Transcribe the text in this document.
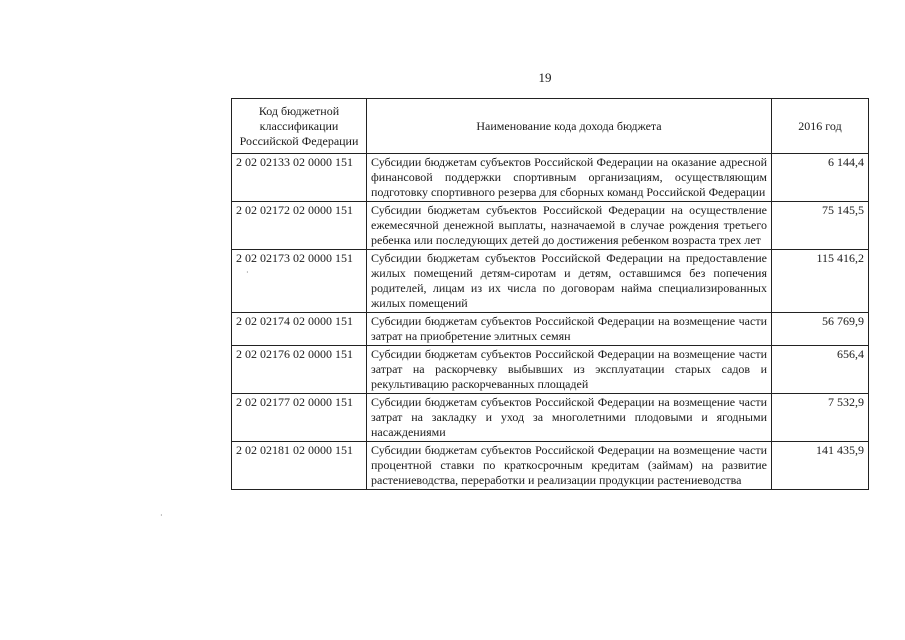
19
Код бюджетной классификации Российской Федерации	Наименование кода дохода бюджета	2016 год
2 02 02133 02 0000 151	Субсидии бюджетам субъектов Российской Федерации на оказание адресной финансовой поддержки спортивным организациям, осуществляющим подготовку спортивного резерва для сборных команд Российской Федерации	6 144,4
2 02 02172 02 0000 151	Субсидии бюджетам субъектов Российской Федерации на осуществление ежемесячной денежной выплаты, назначаемой в случае рождения третьего ребенка или последующих детей до достижения ребенком возраста трех лет	75 145,5
2 02 02173 02 0000 151	Субсидии бюджетам субъектов Российской Федерации на предоставление жилых помещений детям-сиротам и детям, оставшимся без попечения родителей, лицам из их числа по договорам найма специализированных жилых помещений	115 416,2
2 02 02174 02 0000 151	Субсидии бюджетам субъектов Российской Федерации на возмещение части затрат на приобретение элитных семян	56 769,9
2 02 02176 02 0000 151	Субсидии бюджетам субъектов Российской Федерации на возмещение части затрат на раскорчевку выбывших из эксплуатации старых садов и рекультивацию раскорчеванных площадей	656,4
2 02 02177 02 0000 151	Субсидии бюджетам субъектов Российской Федерации на возмещение части затрат на закладку и уход за многолетними плодовыми и ягодными насаждениями	7 532,9
2 02 02181 02 0000 151	Субсидии бюджетам субъектов Российской Федерации на возмещение части процентной ставки по краткосрочным кредитам (займам) на развитие растениеводства, переработки и реализации продукции растениеводства	141 435,9
·
·
